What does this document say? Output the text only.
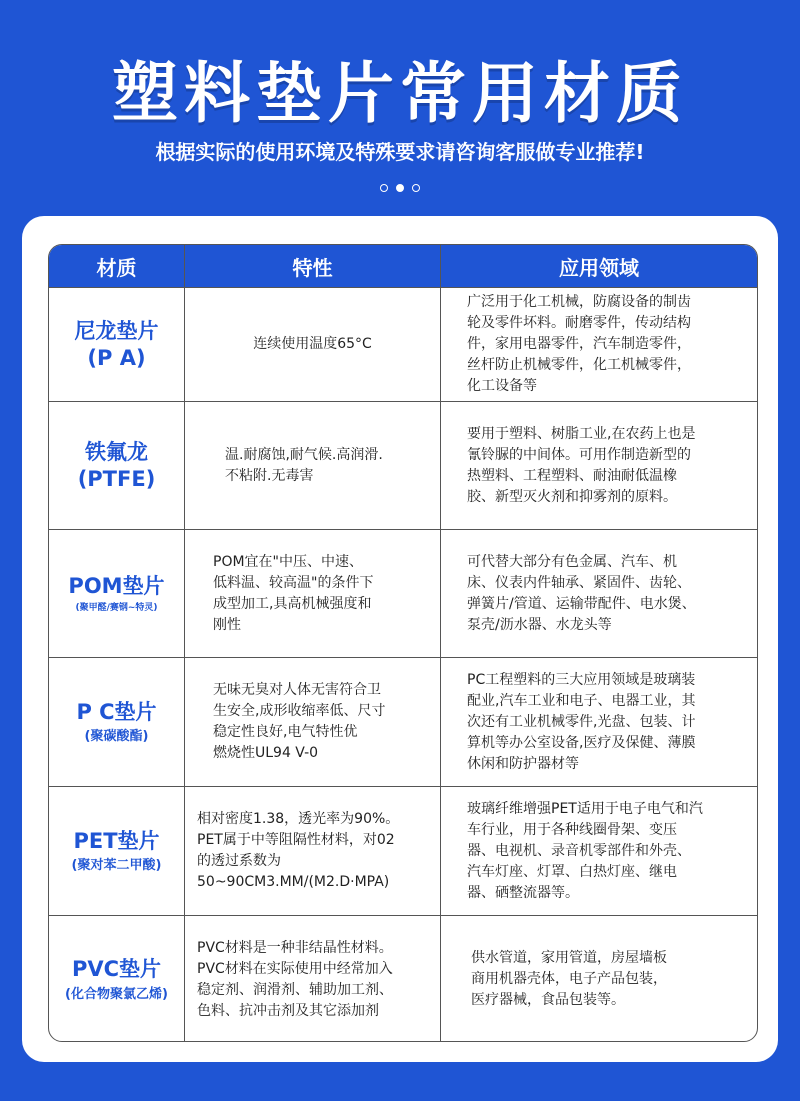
塑料垫片常用材质
根据实际的使用环境及特殊要求请咨询客服做专业推荐!
材质	特性	应用领域
尼龙垫片
(P A)
连续使用温度65°C
广泛用于化工机械，防腐设备的制齿
轮及零件坏料。耐磨零件，传动结构
件，家用电器零件，汽车制造零件，
丝杆防止机械零件，化工机械零件，
化工设备等
铁氟龙
(PTFE)
温.耐腐蚀,耐气候.高润滑.
不粘附.无毒害
要用于塑料、树脂工业,在农药上也是
氰铃脲的中间体。可用作制造新型的
热塑料、工程塑料、耐油耐低温橡
胶、新型灭火剂和抑雾剂的原料。
POM垫片
(聚甲醛/赛钢~特灵)
POM宜在"中压、中速、
低料温、较高温"的条件下
成型加工,具高机械强度和
刚性
可代替大部分有色金属、汽车、机
床、仪表内件轴承、紧固件、齿轮、
弹簧片/管道、运输带配件、电水煲、
泵壳/沥水器、水龙头等
P C垫片
(聚碳酸酯)
无味无臭对人体无害符合卫
生安全,成形收缩率低、尺寸
稳定性良好,电气特性优
燃烧性UL94 V-0
PC工程塑料的三大应用领域是玻璃装
配业,汽车工业和电子、电器工业，其
次还有工业机械零件,光盘、包装、计
算机等办公室设备,医疗及保健、薄膜
休闲和防护器材等
PET垫片
(聚对苯二甲酸)
相对密度1.38，透光率为90%。
PET属于中等阻隔性材料，对02
的透过系数为
50~90CM3.MM/(M2.D·MPA)
玻璃纤维增强PET适用于电子电气和汽
车行业，用于各种线圈骨架、变压
器、电视机、录音机零部件和外壳、
汽车灯座、灯罩、白热灯座、继电
器、硒整流器等。
PVC垫片
(化合物聚氯乙烯)
PVC材料是一种非结晶性材料。
PVC材料在实际使用中经常加入
稳定剂、润滑剂、辅助加工剂、
色料、抗冲击剂及其它添加剂
供水管道，家用管道，房屋墙板
商用机器壳体，电子产品包装，
医疗器械，食品包装等。
